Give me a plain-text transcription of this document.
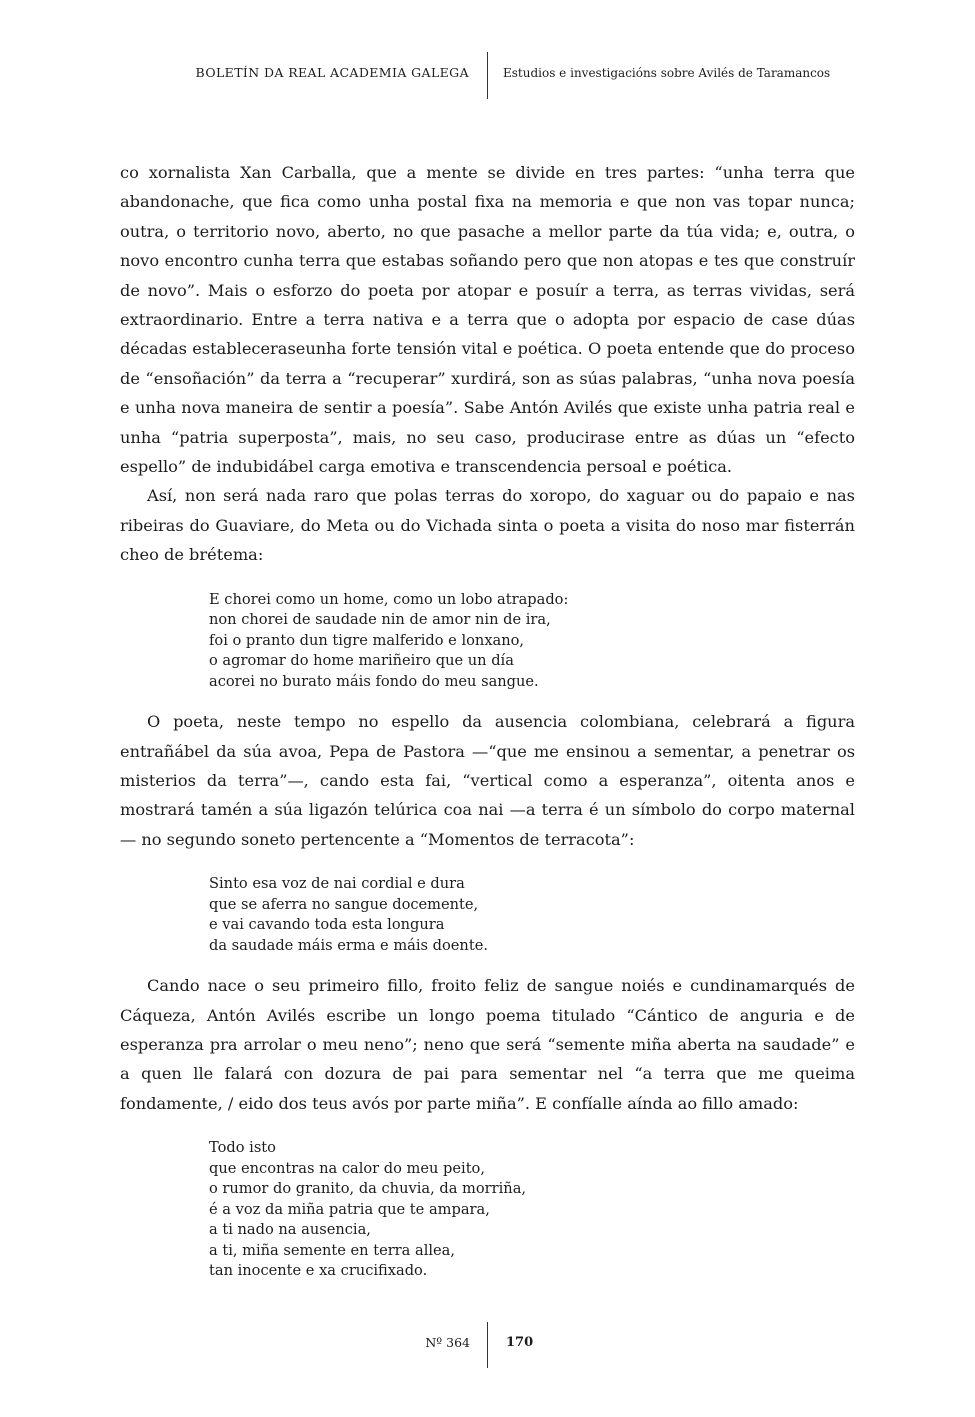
BOLETÍN DA REAL ACADEMIA GALEGA	Estudios e investigacións sobre Avilés de Taramancos

co xornalista Xan Carballa, que a mente se divide en tres partes: “unha terra que abandonache, que fica como unha postal fixa na memoria e que non vas topar nunca; outra, o territorio novo, aberto, no que pasache a mellor parte da túa vida; e, outra, o novo encontro cunha terra que estabas soñando pero que non atopas e tes que construír de novo”. Mais o esforzo do poeta por atopar e posuír a terra, as terras vividas, será extraordinario. Entre a terra nativa e a terra que o adopta por espacio de case dúas décadas estableceraseunha forte tensión vital e poética. O poeta entende que do proceso de “ensoñación” da terra a “recuperar” xurdirá, son as súas palabras, “unha nova poesía e unha nova maneira de sentir a poesía”. Sabe Antón Avilés que existe unha patria real e unha “patria superposta”, mais, no seu caso, producirase entre as dúas un “efecto espello” de indubidábel carga emotiva e transcendencia persoal e poética.

Así, non será nada raro que polas terras do xoropo, do xaguar ou do papaio e nas ribeiras do Guaviare, do Meta ou do Vichada sinta o poeta a visita do noso mar fisterrán cheo de brétema:

E chorei como un home, como un lobo atrapado:
non chorei de saudade nin de amor nin de ira,
foi o pranto dun tigre malferido e lonxano,
o agromar do home mariñeiro que un día
acorei no burato máis fondo do meu sangue.

O poeta, neste tempo no espello da ausencia colombiana, celebrará a figura entrañábel da súa avoa, Pepa de Pastora —“que me ensinou a sementar, a penetrar os misterios da terra”—, cando esta fai, “vertical como a esperanza”, oitenta anos e mostrará tamén a súa ligazón telúrica coa nai —a terra é un símbolo do corpo maternal— no segundo soneto pertencente a “Momentos de terracota”:

Sinto esa voz de nai cordial e dura
que se aferra no sangue docemente,
e vai cavando toda esta longura
da saudade máis erma e máis doente.

Cando nace o seu primeiro fillo, froito feliz de sangue noiés e cundinamarqués de Cáqueza, Antón Avilés escribe un longo poema titulado “Cántico de anguria e de esperanza pra arrolar o meu neno”; neno que será “semente miña aberta na saudade” e a quen lle falará con dozura de pai para sementar nel “a terra que me queima fondamente, / eido dos teus avós por parte miña”. E confíalle aínda ao fillo amado:

Todo isto
que encontras na calor do meu peito,
o rumor do granito, da chuvia, da morriña,
é a voz da miña patria que te ampara,
a ti nado na ausencia,
a ti, miña semente en terra allea,
tan inocente e xa crucifixado.
Nº 364	170
